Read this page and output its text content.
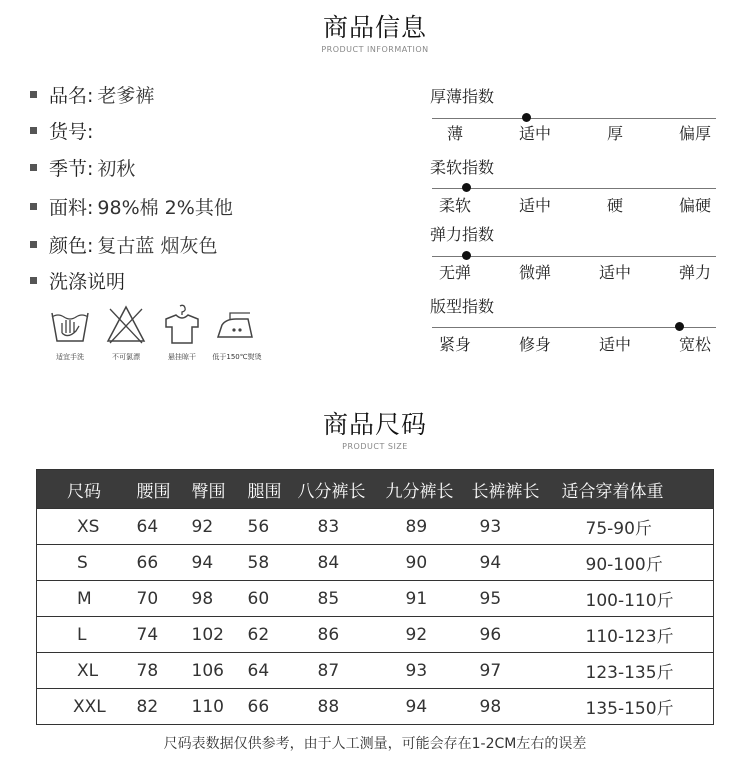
商品信息
PRODUCT INFORMATION
品名: 老爹裤
货号:
季节: 初秋
面料: 98%棉 2%其他
颜色: 复古蓝 烟灰色
洗涤说明
适宜手洗	不可氯漂	悬挂晾干	低于150℃熨烫
厚薄指数
薄	适中	厚	偏厚
柔软指数
柔软	适中	硬	偏硬
弹力指数
无弹	微弹	适中	弹力
版型指数
紧身	修身	适中	宽松
商品尺码
PRODUCT SIZE
尺码	腰围	臀围	腿围	八分裤长	九分裤长	长裤裤长	适合穿着体重
XS	64	92	56	83	89	93	75-90斤
S	66	94	58	84	90	94	90-100斤
M	70	98	60	85	91	95	100-110斤
L	74	102	62	86	92	96	110-123斤
XL	78	106	64	87	93	97	123-135斤
XXL	82	110	66	88	94	98	135-150斤
尺码表数据仅供参考，由于人工测量，可能会存在1-2CM左右的误差
